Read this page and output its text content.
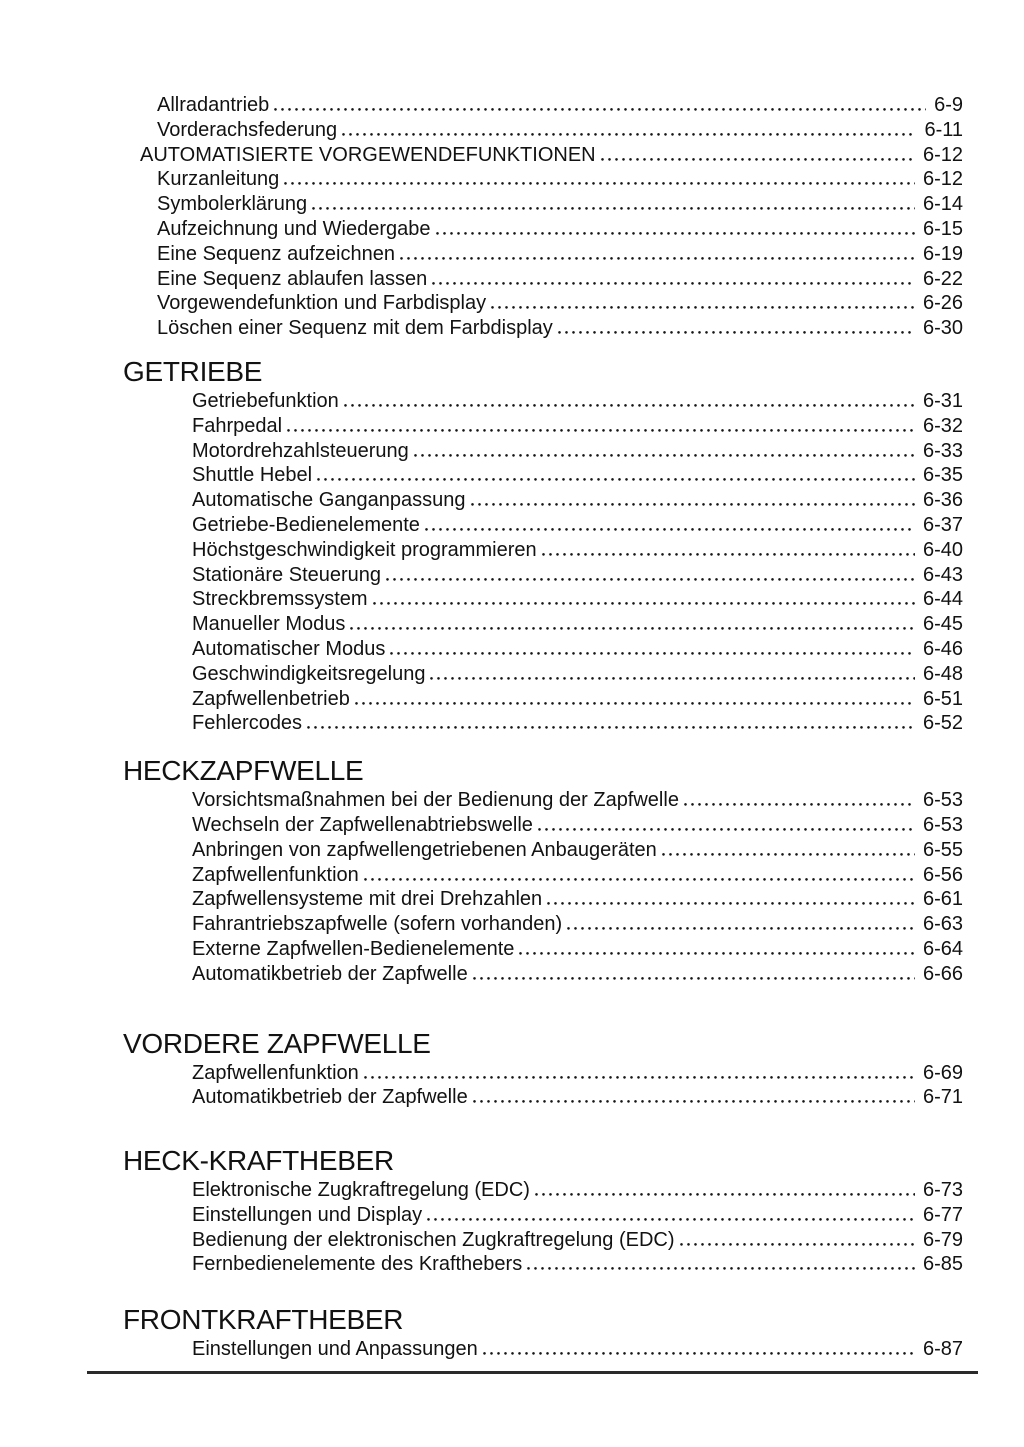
Allradantrieb	6-9
Vorderachsfederung	6-11
AUTOMATISIERTE VORGEWENDEFUNKTIONEN	6-12
Kurzanleitung	6-12
Symbolerklärung	6-14
Aufzeichnung und Wiedergabe	6-15
Eine Sequenz aufzeichnen	6-19
Eine Sequenz ablaufen lassen	6-22
Vorgewendefunktion und Farbdisplay	6-26
Löschen einer Sequenz mit dem Farbdisplay	6-30
GETRIEBE
Getriebefunktion	6-31
Fahrpedal	6-32
Motordrehzahlsteuerung	6-33
Shuttle Hebel	6-35
Automatische Ganganpassung	6-36
Getriebe-Bedienelemente	6-37
Höchstgeschwindigkeit programmieren	6-40
Stationäre Steuerung	6-43
Streckbremssystem	6-44
Manueller Modus	6-45
Automatischer Modus	6-46
Geschwindigkeitsregelung	6-48
Zapfwellenbetrieb	6-51
Fehlercodes	6-52
HECKZAPFWELLE
Vorsichtsmaßnahmen bei der Bedienung der Zapfwelle	6-53
Wechseln der Zapfwellenabtriebswelle	6-53
Anbringen von zapfwellengetriebenen Anbaugeräten	6-55
Zapfwellenfunktion	6-56
Zapfwellensysteme mit drei Drehzahlen	6-61
Fahrantriebszapfwelle (sofern vorhanden)	6-63
Externe Zapfwellen-Bedienelemente	6-64
Automatikbetrieb der Zapfwelle	6-66
VORDERE ZAPFWELLE
Zapfwellenfunktion	6-69
Automatikbetrieb der Zapfwelle	6-71
HECK-KRAFTHEBER
Elektronische Zugkraftregelung (EDC)	6-73
Einstellungen und Display	6-77
Bedienung der elektronischen Zugkraftregelung (EDC)	6-79
Fernbedienelemente des Krafthebers	6-85
FRONTKRAFTHEBER
Einstellungen und Anpassungen	6-87
